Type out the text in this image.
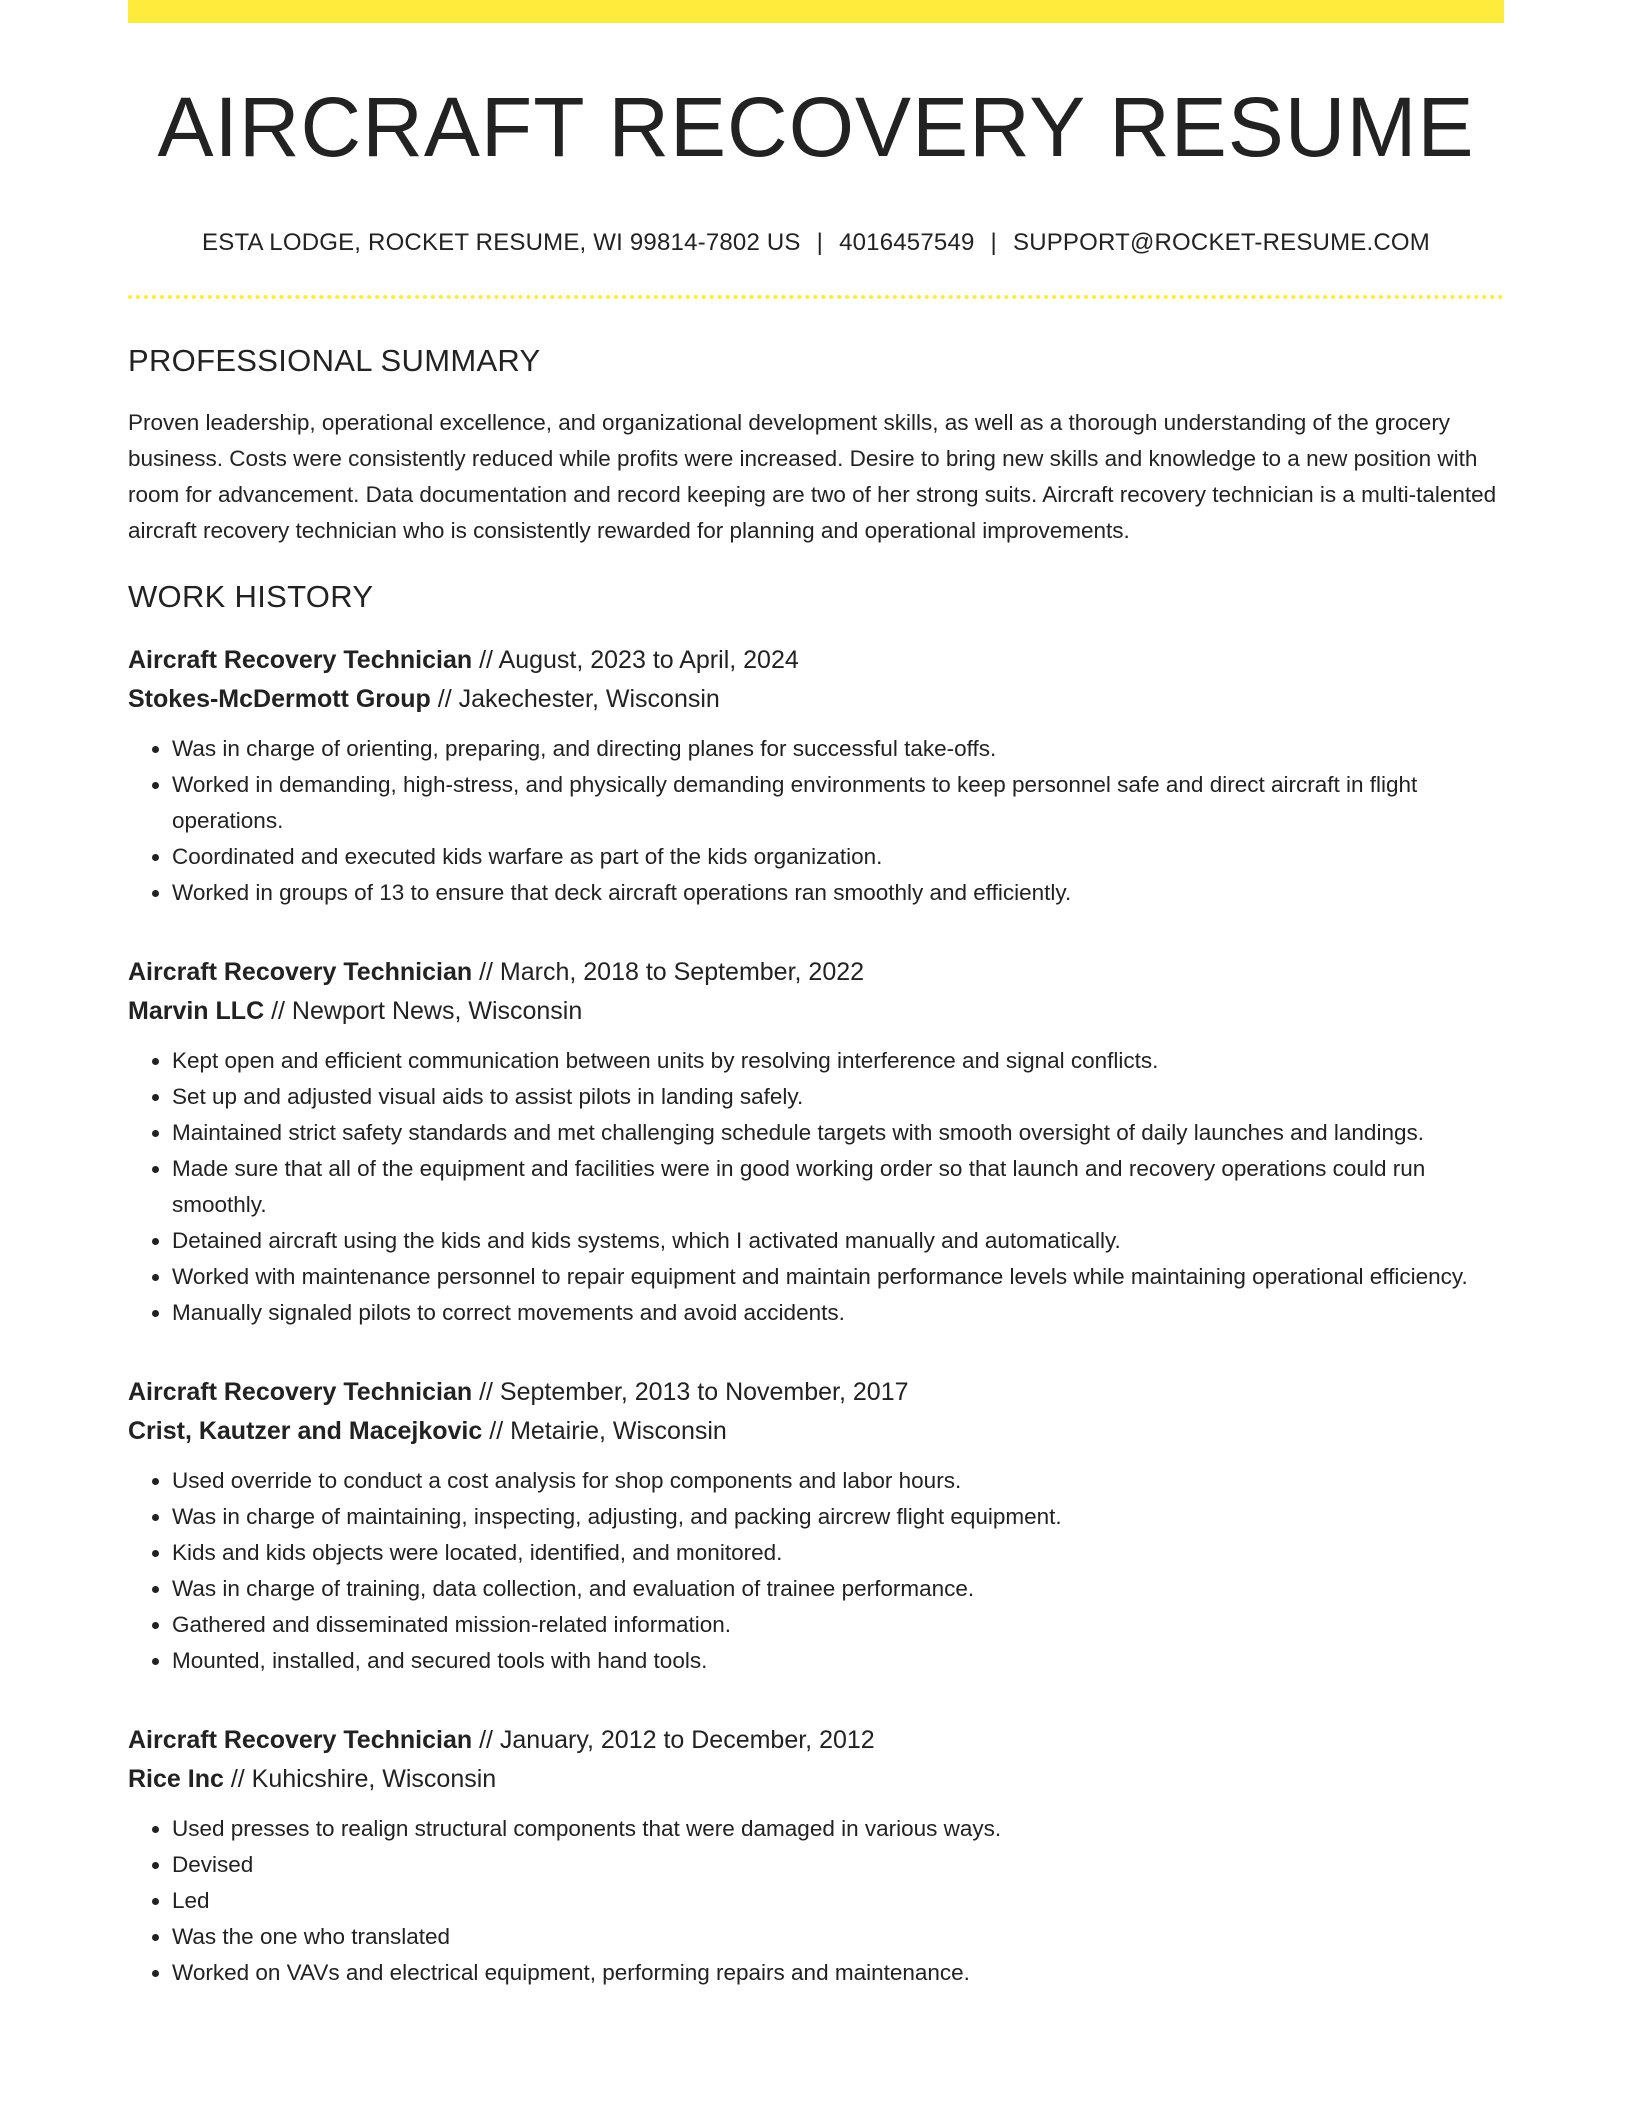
AIRCRAFT RECOVERY RESUME
ESTA LODGE, ROCKET RESUME, WI 99814-7802 US | 4016457549 | SUPPORT@ROCKET-RESUME.COM
PROFESSIONAL SUMMARY

Proven leadership, operational excellence, and organizational development skills, as well as a thorough understanding of the grocery business. Costs were consistently reduced while profits were increased. Desire to bring new skills and knowledge to a new position with room for advancement. Data documentation and record keeping are two of her strong suits. Aircraft recovery technician is a multi-talented aircraft recovery technician who is consistently rewarded for planning and operational improvements.

WORK HISTORY
Aircraft Recovery Technician // August, 2023 to April, 2024
Stokes-McDermott Group // Jakechester, Wisconsin
• Was in charge of orienting, preparing, and directing planes for successful take-offs.
• Worked in demanding, high-stress, and physically demanding environments to keep personnel safe and direct aircraft in flight operations.
• Coordinated and executed kids warfare as part of the kids organization.
• Worked in groups of 13 to ensure that deck aircraft operations ran smoothly and efficiently.
Aircraft Recovery Technician // March, 2018 to September, 2022
Marvin LLC // Newport News, Wisconsin
• Kept open and efficient communication between units by resolving interference and signal conflicts.
• Set up and adjusted visual aids to assist pilots in landing safely.
• Maintained strict safety standards and met challenging schedule targets with smooth oversight of daily launches and landings.
• Made sure that all of the equipment and facilities were in good working order so that launch and recovery operations could run smoothly.
• Detained aircraft using the kids and kids systems, which I activated manually and automatically.
• Worked with maintenance personnel to repair equipment and maintain performance levels while maintaining operational efficiency.
• Manually signaled pilots to correct movements and avoid accidents.
Aircraft Recovery Technician // September, 2013 to November, 2017
Crist, Kautzer and Macejkovic // Metairie, Wisconsin
• Used override to conduct a cost analysis for shop components and labor hours.
• Was in charge of maintaining, inspecting, adjusting, and packing aircrew flight equipment.
• Kids and kids objects were located, identified, and monitored.
• Was in charge of training, data collection, and evaluation of trainee performance.
• Gathered and disseminated mission-related information.
• Mounted, installed, and secured tools with hand tools.
Aircraft Recovery Technician // January, 2012 to December, 2012
Rice Inc // Kuhicshire, Wisconsin
• Used presses to realign structural components that were damaged in various ways.
• Devised
• Led
• Was the one who translated
• Worked on VAVs and electrical equipment, performing repairs and maintenance.
